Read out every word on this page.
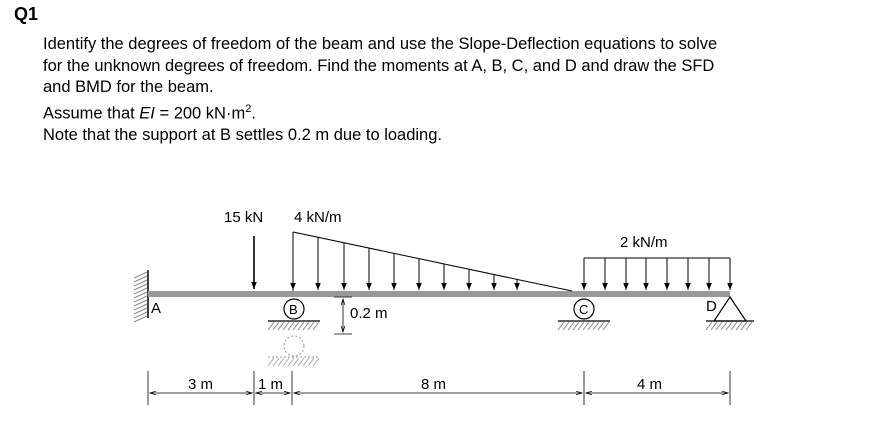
Q1

Identify the degrees of freedom of the beam and use the Slope-Deflection equations to solve

for the unknown degrees of freedom. Find the moments at A, B, C, and D and draw the SFD

and BMD for the beam.

Assume that EI = 200 $kN\cdot m^2$.

Note that the support at B settles 0.2 m due to loading.

15 kN 4 kN/m
2 kN/m
B	0.2 m	C	D
A
3 m	1 m	8 m	4 m
